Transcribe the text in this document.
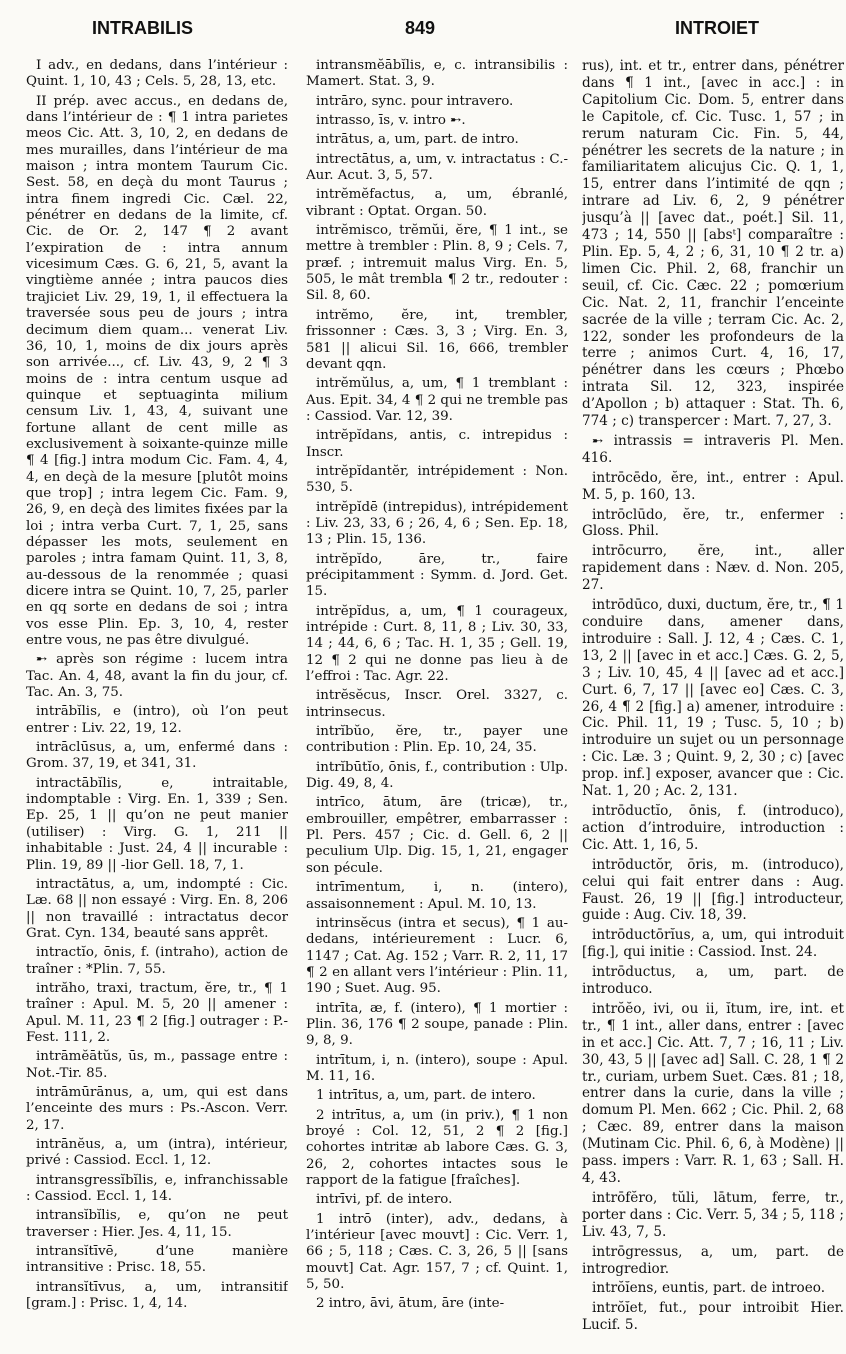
INTRABILIS	849	INTROIET

I adv., en dedans, dans l’intérieur : Quint. 1, 10, 43 ; Cels. 5, 28, 13, etc.

II prép. avec accus., en dedans de, dans l’intérieur de : ¶ 1 intra parietes meos Cic. Att. 3, 10, 2, en dedans de mes murailles, dans l’intérieur de ma maison ; intra montem Taurum Cic. Sest. 58, en deçà du mont Taurus ; intra finem ingredi Cic. Cæl. 22, pénétrer en dedans de la limite, cf. Cic. de Or. 2, 147 ¶ 2 avant l’expiration de : intra annum vicesimum Cæs. G. 6, 21, 5, avant la vingtième année ; intra paucos dies trajiciet Liv. 29, 19, 1, il effectuera la traversée sous peu de jours ; intra decimum diem quam... venerat Liv. 36, 10, 1, moins de dix jours après son arrivée..., cf. Liv. 43, 9, 2 ¶ 3 moins de : intra centum usque ad quinque et septuaginta milium censum Liv. 1, 43, 4, suivant une fortune allant de cent mille as exclusivement à soixante-quinze mille ¶ 4 [fig.] intra modum Cic. Fam. 4, 4, 4, en deçà de la mesure [plutôt moins que trop] ; intra legem Cic. Fam. 9, 26, 9, en deçà des limites fixées par la loi ; intra verba Curt. 7, 1, 25, sans dépasser les mots, seulement en paroles ; intra famam Quint. 11, 3, 8, au-dessous de la renommée ; quasi dicere intra se Quint. 10, 7, 25, parler en qq sorte en dedans de soi ; intra vos esse Plin. Ep. 3, 10, 4, rester entre vous, ne pas être divulgué.

➸ après son régime : lucem intra Tac. An. 4, 48, avant la fin du jour, cf. Tac. An. 3, 75.

intrābĭlis, e (intro), où l’on peut entrer : Liv. 22, 19, 12.

intrāclūsus, a, um, enfermé dans : Grom. 37, 19, et 341, 31.

intractābĭlis, e, intraitable, indomptable : Virg. En. 1, 339 ; Sen. Ep. 25, 1 || qu’on ne peut manier (utiliser) : Virg. G. 1, 211 || inhabitable : Just. 24, 4 || incurable : Plin. 19, 89 || -lior Gell. 18, 7, 1.

intractātus, a, um, indompté : Cic. Læ. 68 || non essayé : Virg. En. 8, 206 || non travaillé : intractatus decor Grat. Cyn. 134, beauté sans apprêt.

intractĭo, ōnis, f. (intraho), action de traîner : *Plin. 7, 55.

intrăho, traxi, tractum, ĕre, tr., ¶ 1 traîner : Apul. M. 5, 20 || amener : Apul. M. 11, 23 ¶ 2 [fig.] outrager : P.-Fest. 111, 2.

intrāmĕātŭs, ūs, m., passage entre : Not.-Tir. 85.

intrāmūrānus, a, um, qui est dans l’enceinte des murs : Ps.-Ascon. Verr. 2, 17.

intrānĕus, a, um (intra), intérieur, privé : Cassiod. Eccl. 1, 12.

intransgressĭbĭlis, e, infranchissable : Cassiod. Eccl. 1, 14.

intransĭbĭlis, e, qu’on ne peut traverser : Hier. Jes. 4, 11, 15.

intransĭtīvē, d’une manière intransitive : Prisc. 18, 55.

intransĭtīvus, a, um, intransitif [gram.] : Prisc. 1, 4, 14.

intransmĕābĭlis, e, c. intransibilis : Mamert. Stat. 3, 9.

intrāro, sync. pour intravero.

intrasso, īs, v. intro ➸.

intrātus, a, um, part. de intro.

intrectātus, a, um, v. intractatus : C.-Aur. Acut. 3, 5, 57.

intrĕmĕfactus, a, um, ébranlé, vibrant : Optat. Organ. 50.

intrĕmisco, trĕmŭi, ĕre, ¶ 1 int., se mettre à trembler : Plin. 8, 9 ; Cels. 7, præf. ; intremuit malus Virg. En. 5, 505, le mât trembla ¶ 2 tr., redouter : Sil. 8, 60.

intrĕmo, ĕre, int, trembler, frissonner : Cæs. 3, 3 ; Virg. En. 3, 581 || alicui Sil. 16, 666, trembler devant qqn.

intrĕmŭlus, a, um, ¶ 1 tremblant : Aus. Epit. 34, 4 ¶ 2 qui ne tremble pas : Cassiod. Var. 12, 39.

intrĕpĭdans, antis, c. intrepidus : Inscr.

intrĕpĭdantĕr, intrépidement : Non. 530, 5.

intrĕpĭdē (intrepidus), intrépidement : Liv. 23, 33, 6 ; 26, 4, 6 ; Sen. Ep. 18, 13 ; Plin. 15, 136.

intrĕpĭdo, āre, tr., faire précipitamment : Symm. d. Jord. Get. 15.

intrĕpĭdus, a, um, ¶ 1 courageux, intrépide : Curt. 8, 11, 8 ; Liv. 30, 33, 14 ; 44, 6, 6 ; Tac. H. 1, 35 ; Gell. 19, 12 ¶ 2 qui ne donne pas lieu à de l’effroi : Tac. Agr. 22.

intrĕsĕcus, Inscr. Orel. 3327, c. intrinsecus.

intrĭbŭo, ĕre, tr., payer une contribution : Plin. Ep. 10, 24, 35.

intrĭbūtĭo, ōnis, f., contribution : Ulp. Dig. 49, 8, 4.

intrīco, ātum, āre (tricæ), tr., embrouiller, empêtrer, embarrasser : Pl. Pers. 457 ; Cic. d. Gell. 6, 2 || peculium Ulp. Dig. 15, 1, 21, engager son pécule.

intrīmentum, i, n. (intero), assaisonnement : Apul. M. 10, 13.

intrinsĕcus (intra et secus), ¶ 1 au-dedans, intérieurement : Lucr. 6, 1147 ; Cat. Ag. 152 ; Varr. R. 2, 11, 17 ¶ 2 en allant vers l’intérieur : Plin. 11, 190 ; Suet. Aug. 95.

intrīta, æ, f. (intero), ¶ 1 mortier : Plin. 36, 176 ¶ 2 soupe, panade : Plin. 9, 8, 9.

intrītum, i, n. (intero), soupe : Apul. M. 11, 16.

1 intrītus, a, um, part. de intero.

2 intrītus, a, um (in priv.), ¶ 1 non broyé : Col. 12, 51, 2 ¶ 2 [fig.] cohortes intritæ ab labore Cæs. G. 3, 26, 2, cohortes intactes sous le rapport de la fatigue [fraîches].

intrīvi, pf. de intero.

1 intrō (inter), adv., dedans, à l’intérieur [avec mouvt] : Cic. Verr. 1, 66 ; 5, 118 ; Cæs. C. 3, 26, 5 || [sans mouvt] Cat. Agr. 157, 7 ; cf. Quint. 1, 5, 50.

2 intro, āvi, ātum, āre (inte-

rus), int. et tr., entrer dans, pénétrer dans ¶ 1 int., [avec in acc.] : in Capitolium Cic. Dom. 5, entrer dans le Capitole, cf. Cic. Tusc. 1, 57 ; in rerum naturam Cic. Fin. 5, 44, pénétrer les secrets de la nature ; in familiaritatem alicujus Cic. Q. 1, 1, 15, entrer dans l’intimité de qqn ; intrare ad Liv. 6, 2, 9 pénétrer jusqu’à || [avec dat., poét.] Sil. 11, 473 ; 14, 550 || [absᵗ] comparaître : Plin. Ep. 5, 4, 2 ; 6, 31, 10 ¶ 2 tr. a) limen Cic. Phil. 2, 68, franchir un seuil, cf. Cic. Cæc. 22 ; pomœrium Cic. Nat. 2, 11, franchir l’enceinte sacrée de la ville ; terram Cic. Ac. 2, 122, sonder les profondeurs de la terre ; animos Curt. 4, 16, 17, pénétrer dans les cœurs ; Phœbo intrata Sil. 12, 323, inspirée d’Apollon ; b) attaquer : Stat. Th. 6, 774 ; c) transpercer : Mart. 7, 27, 3.

➸ intrassis = intraveris Pl. Men. 416.

intrōcēdo, ĕre, int., entrer : Apul. M. 5, p. 160, 13.

intrōclūdo, ĕre, tr., enfermer : Gloss. Phil.

intrōcurro, ĕre, int., aller rapidement dans : Næv. d. Non. 205, 27.

intrōdūco, duxi, ductum, ĕre, tr., ¶ 1 conduire dans, amener dans, introduire : Sall. J. 12, 4 ; Cæs. C. 1, 13, 2 || [avec in et acc.] Cæs. G. 2, 5, 3 ; Liv. 10, 45, 4 || [avec ad et acc.] Curt. 6, 7, 17 || [avec eo] Cæs. C. 3, 26, 4 ¶ 2 [fig.] a) amener, introduire : Cic. Phil. 11, 19 ; Tusc. 5, 10 ; b) introduire un sujet ou un personnage : Cic. Læ. 3 ; Quint. 9, 2, 30 ; c) [avec prop. inf.] exposer, avancer que : Cic. Nat. 1, 20 ; Ac. 2, 131.

intrōductĭo, ōnis, f. (introduco), action d’introduire, introduction : Cic. Att. 1, 16, 5.

intrōductŏr, ōris, m. (introduco), celui qui fait entrer dans : Aug. Faust. 26, 19 || [fig.] introducteur, guide : Aug. Civ. 18, 39.

intrōductōrĭus, a, um, qui introduit [fig.], qui initie : Cassiod. Inst. 24.

intrōductus, a, um, part. de introduco.

intrŏĕo, ivi, ou ii, ĭtum, ire, int. et tr., ¶ 1 int., aller dans, entrer : [avec in et acc.] Cic. Att. 7, 7 ; 16, 11 ; Liv. 30, 43, 5 || [avec ad] Sall. C. 28, 1 ¶ 2 tr., curiam, urbem Suet. Cæs. 81 ; 18, entrer dans la curie, dans la ville ; domum Pl. Men. 662 ; Cic. Phil. 2, 68 ; Cæc. 89, entrer dans la maison (Mutinam Cic. Phil. 6, 6, à Modène) || pass. impers : Varr. R. 1, 63 ; Sall. H. 4, 43.

intrōfĕro, tŭli, lātum, ferre, tr., porter dans : Cic. Verr. 5, 34 ; 5, 118 ; Liv. 43, 7, 5.

intrōgressus, a, um, part. de introgredior.

intrŏĭens, euntis, part. de introeo.

intrŏĭet, fut., pour introibit Hier. Lucif. 5.
